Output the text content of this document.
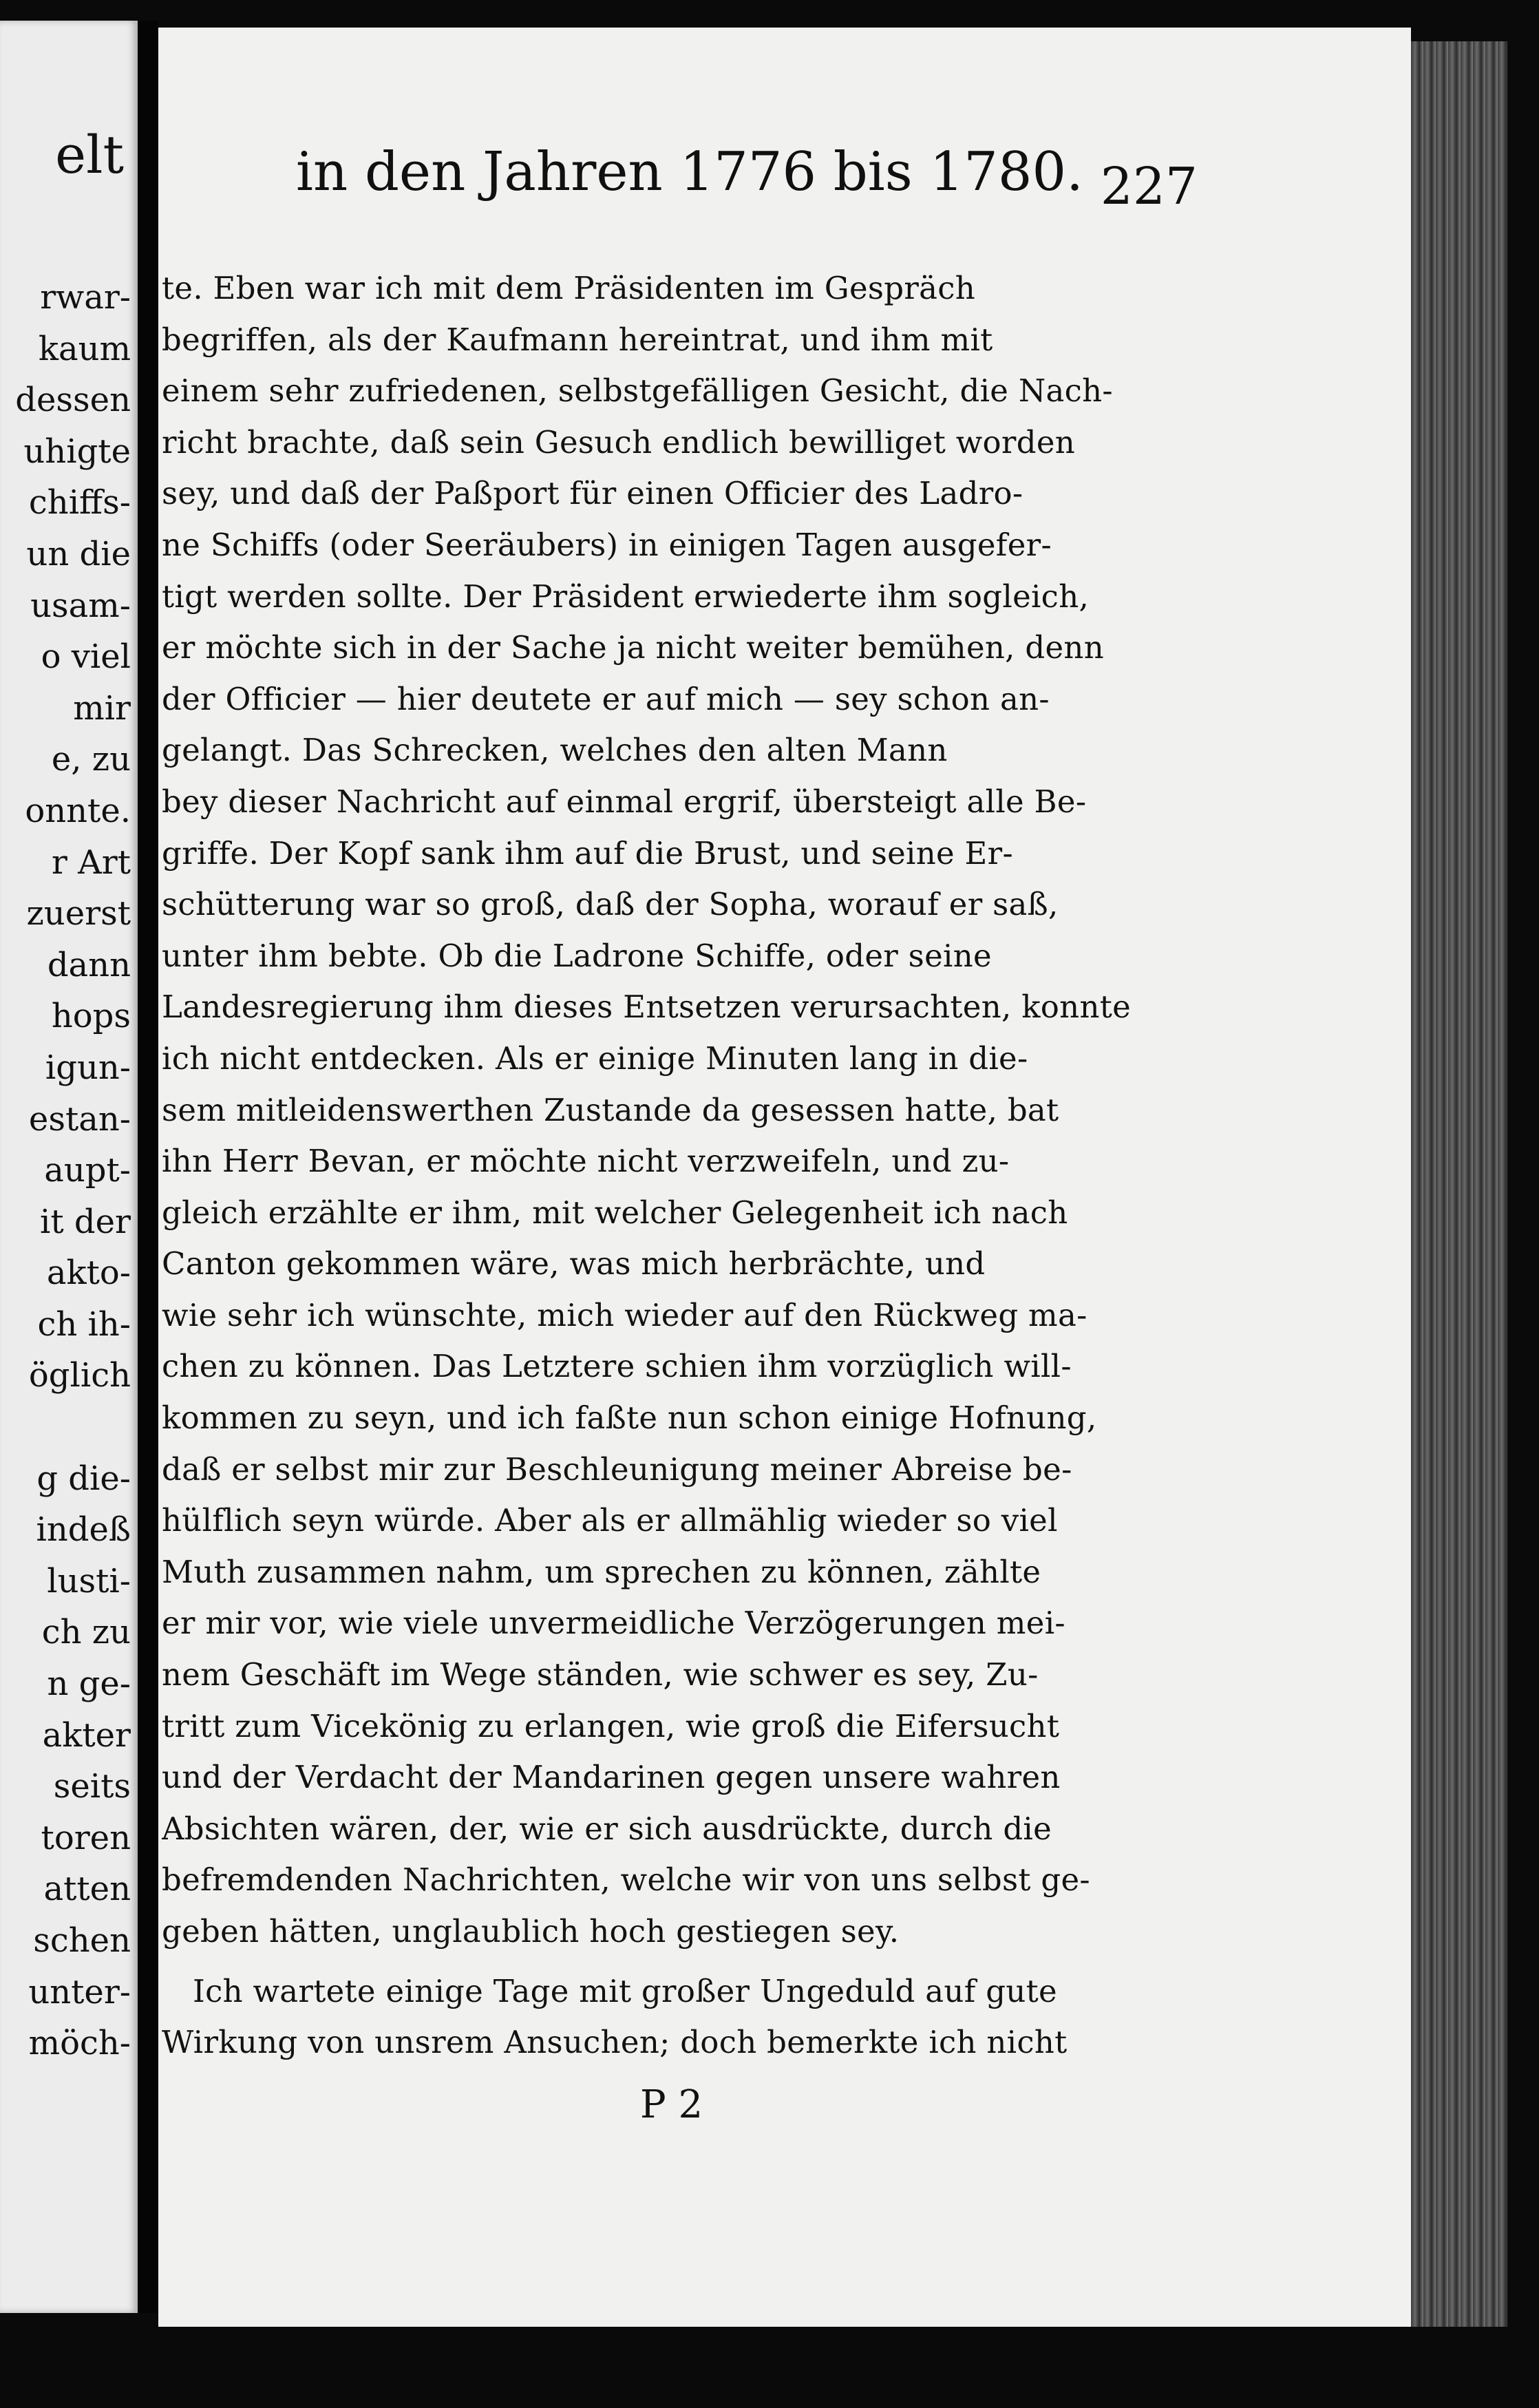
elt
rwar-
kaum
dessen
uhigte
chiffs-
un die
usam-
o viel
mir
e, zu
onnte.
r Art
zuerst
dann
hops
igun-
estan-
aupt-
it der
akto-
ch ih-
öglich
g die-
indeß
lusti-
ch zu
n ge-
akter
seits
toren
atten
schen
unter-
möch-
in den Jahren 1776 bis 1780. 227
te. Eben war ich mit dem Präsidenten im Gespräch
begriffen, als der Kaufmann hereintrat, und ihm mit
einem sehr zufriedenen, selbstgefälligen Gesicht, die Nach-
richt brachte, daß sein Gesuch endlich bewilliget worden
sey, und daß der Paßport für einen Officier des Ladro-
ne Schiffs (oder Seeräubers) in einigen Tagen ausgefer-
tigt werden sollte. Der Präsident erwiederte ihm sogleich,
er möchte sich in der Sache ja nicht weiter bemühen, denn
der Officier — hier deutete er auf mich — sey schon an-
gelangt. Das Schrecken, welches den alten Mann
bey dieser Nachricht auf einmal ergrif, übersteigt alle Be-
griffe. Der Kopf sank ihm auf die Brust, und seine Er-
schütterung war so groß, daß der Sopha, worauf er saß,
unter ihm bebte. Ob die Ladrone Schiffe, oder seine
Landesregierung ihm dieses Entsetzen verursachten, konnte
ich nicht entdecken. Als er einige Minuten lang in die-
sem mitleidenswerthen Zustande da gesessen hatte, bat
ihn Herr Bevan, er möchte nicht verzweifeln, und zu-
gleich erzählte er ihm, mit welcher Gelegenheit ich nach
Canton gekommen wäre, was mich herbrächte, und
wie sehr ich wünschte, mich wieder auf den Rückweg ma-
chen zu können. Das Letztere schien ihm vorzüglich will-
kommen zu seyn, und ich faßte nun schon einige Hofnung,
daß er selbst mir zur Beschleunigung meiner Abreise be-
hülflich seyn würde. Aber als er allmählig wieder so viel
Muth zusammen nahm, um sprechen zu können, zählte
er mir vor, wie viele unvermeidliche Verzögerungen mei-
nem Geschäft im Wege ständen, wie schwer es sey, Zu-
tritt zum Vicekönig zu erlangen, wie groß die Eifersucht
und der Verdacht der Mandarinen gegen unsere wahren
Absichten wären, der, wie er sich ausdrückte, durch die
befremdenden Nachrichten, welche wir von uns selbst ge-
geben hätten, unglaublich hoch gestiegen sey.
Ich wartete einige Tage mit großer Ungeduld auf gute
Wirkung von unsrem Ansuchen; doch bemerkte ich nicht
P 2
